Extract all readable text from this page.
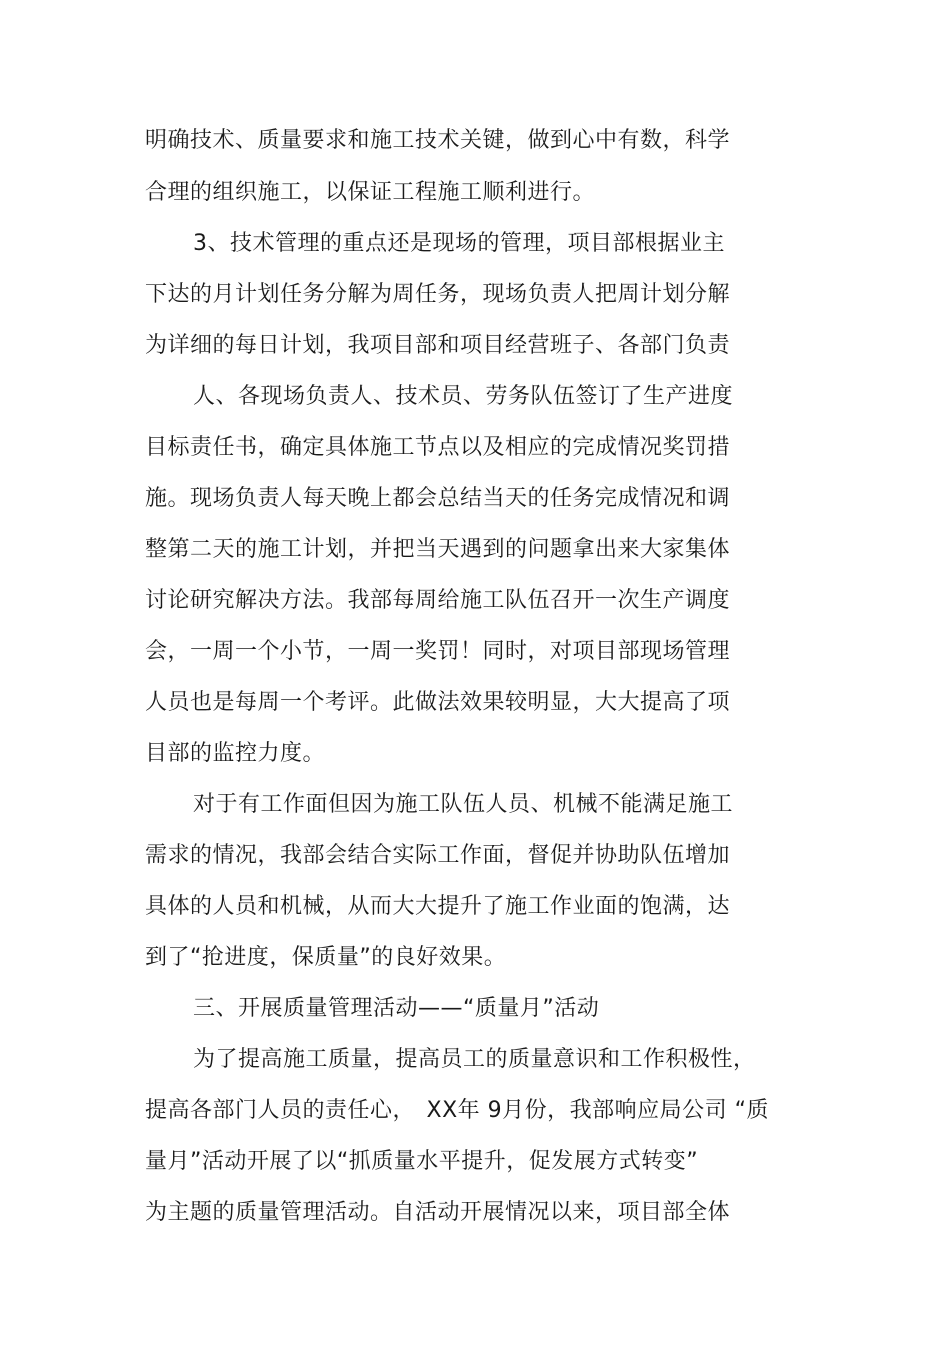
明确技术、质量要求和施工技术关键，做到心中有数，科学
合理的组织施工，以保证工程施工顺利进行。
3、技术管理的重点还是现场的管理，项目部根据业主
下达的月计划任务分解为周任务，现场负责人把周计划分解
为详细的每日计划，我项目部和项目经营班子、各部门负责
人、各现场负责人、技术员、劳务队伍签订了生产进度
目标责任书，确定具体施工节点以及相应的完成情况奖罚措
施。现场负责人每天晚上都会总结当天的任务完成情况和调
整第二天的施工计划，并把当天遇到的问题拿出来大家集体
讨论研究解决方法。我部每周给施工队伍召开一次生产调度
会，一周一个小节，一周一奖罚！同时，对项目部现场管理
人员也是每周一个考评。此做法效果较明显，大大提高了项
目部的监控力度。
对于有工作面但因为施工队伍人员、机械不能满足施工
需求的情况，我部会结合实际工作面，督促并协助队伍增加
具体的人员和机械，从而大大提升了施工作业面的饱满，达
到了“抢进度，保质量”的良好效果。
三、开展质量管理活动——“质量月”活动
为了提高施工质量，提高员工的质量意识和工作积极性，
提高各部门人员的责任心，　XX年 9月份，我部响应局公司 “质
量月”活动开展了以“抓质量水平提升，促发展方式转变”
为主题的质量管理活动。自活动开展情况以来，项目部全体
